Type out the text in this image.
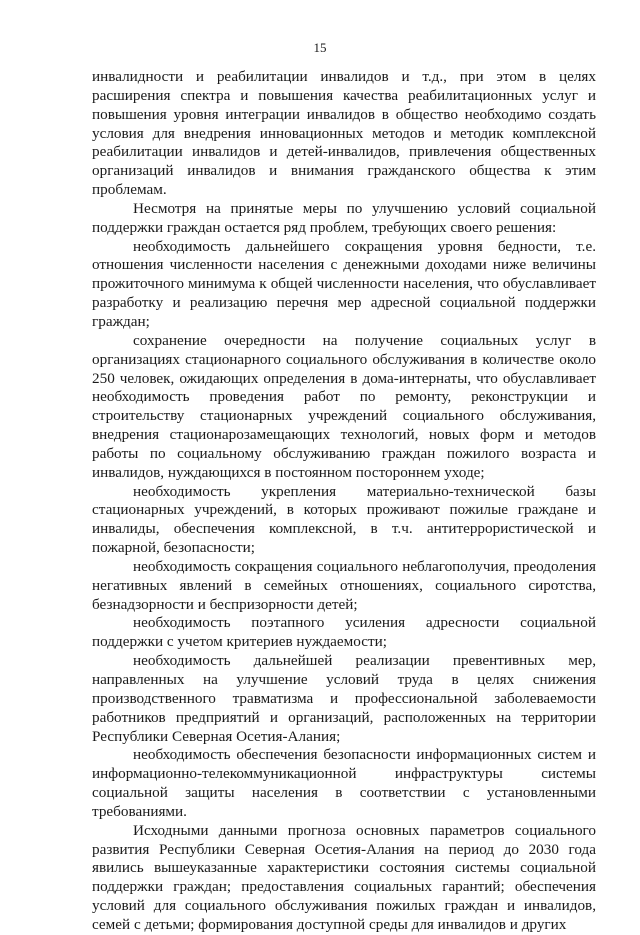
15

инвалидности и реабилитации инвалидов и т.д., при этом в целях расширения спектра и повышения качества реабилитационных услуг и повышения уровня интеграции инвалидов в общество необходимо создать условия для внедрения инновационных методов и методик комплексной реабилитации инвалидов и детей-инвалидов, привлечения общественных организаций инвалидов и внимания гражданского общества к этим проблемам.

Несмотря на принятые меры по улучшению условий социальной поддержки граждан остается ряд проблем, требующих своего решения:

необходимость дальнейшего сокращения уровня бедности, т.е. отношения численности населения с денежными доходами ниже величины прожиточного минимума к общей численности населения, что обуславливает разработку и реализацию перечня мер адресной социальной поддержки граждан;

сохранение очередности на получение социальных услуг в организациях стационарного социального обслуживания в количестве около 250 человек, ожидающих определения в дома-интернаты, что обуславливает необходимость проведения работ по ремонту, реконструкции и строительству стационарных учреждений социального обслуживания, внедрения стационарозамещающих технологий, новых форм и методов работы по социальному обслуживанию граждан пожилого возраста и инвалидов, нуждающихся в постоянном постороннем уходе;

необходимость укрепления материально-технической базы стационарных учреждений, в которых проживают пожилые граждане и инвалиды, обеспечения комплексной, в т.ч. антитеррористической и пожарной, безопасности;

необходимость сокращения социального неблагополучия, преодоления негативных явлений в семейных отношениях, социального сиротства, безнадзорности и беспризорности детей;

необходимость поэтапного усиления адресности социальной поддержки с учетом критериев нуждаемости;

необходимость дальнейшей реализации превентивных мер, направленных на улучшение условий труда в целях снижения производственного травматизма и профессиональной заболеваемости работников предприятий и организаций, расположенных на территории Республики Северная Осетия-Алания;

необходимость обеспечения безопасности информационных систем и информационно-телекоммуникационной инфраструктуры системы социальной защиты населения в соответствии с установленными требованиями.

Исходными данными прогноза основных параметров социального развития Республики Северная Осетия-Алания на период до 2030 года явились вышеуказанные характеристики состояния системы социальной поддержки граждан; предоставления социальных гарантий; обеспечения условий для социального обслуживания пожилых граждан и инвалидов, семей с детьми; формирования доступной среды для инвалидов и других
